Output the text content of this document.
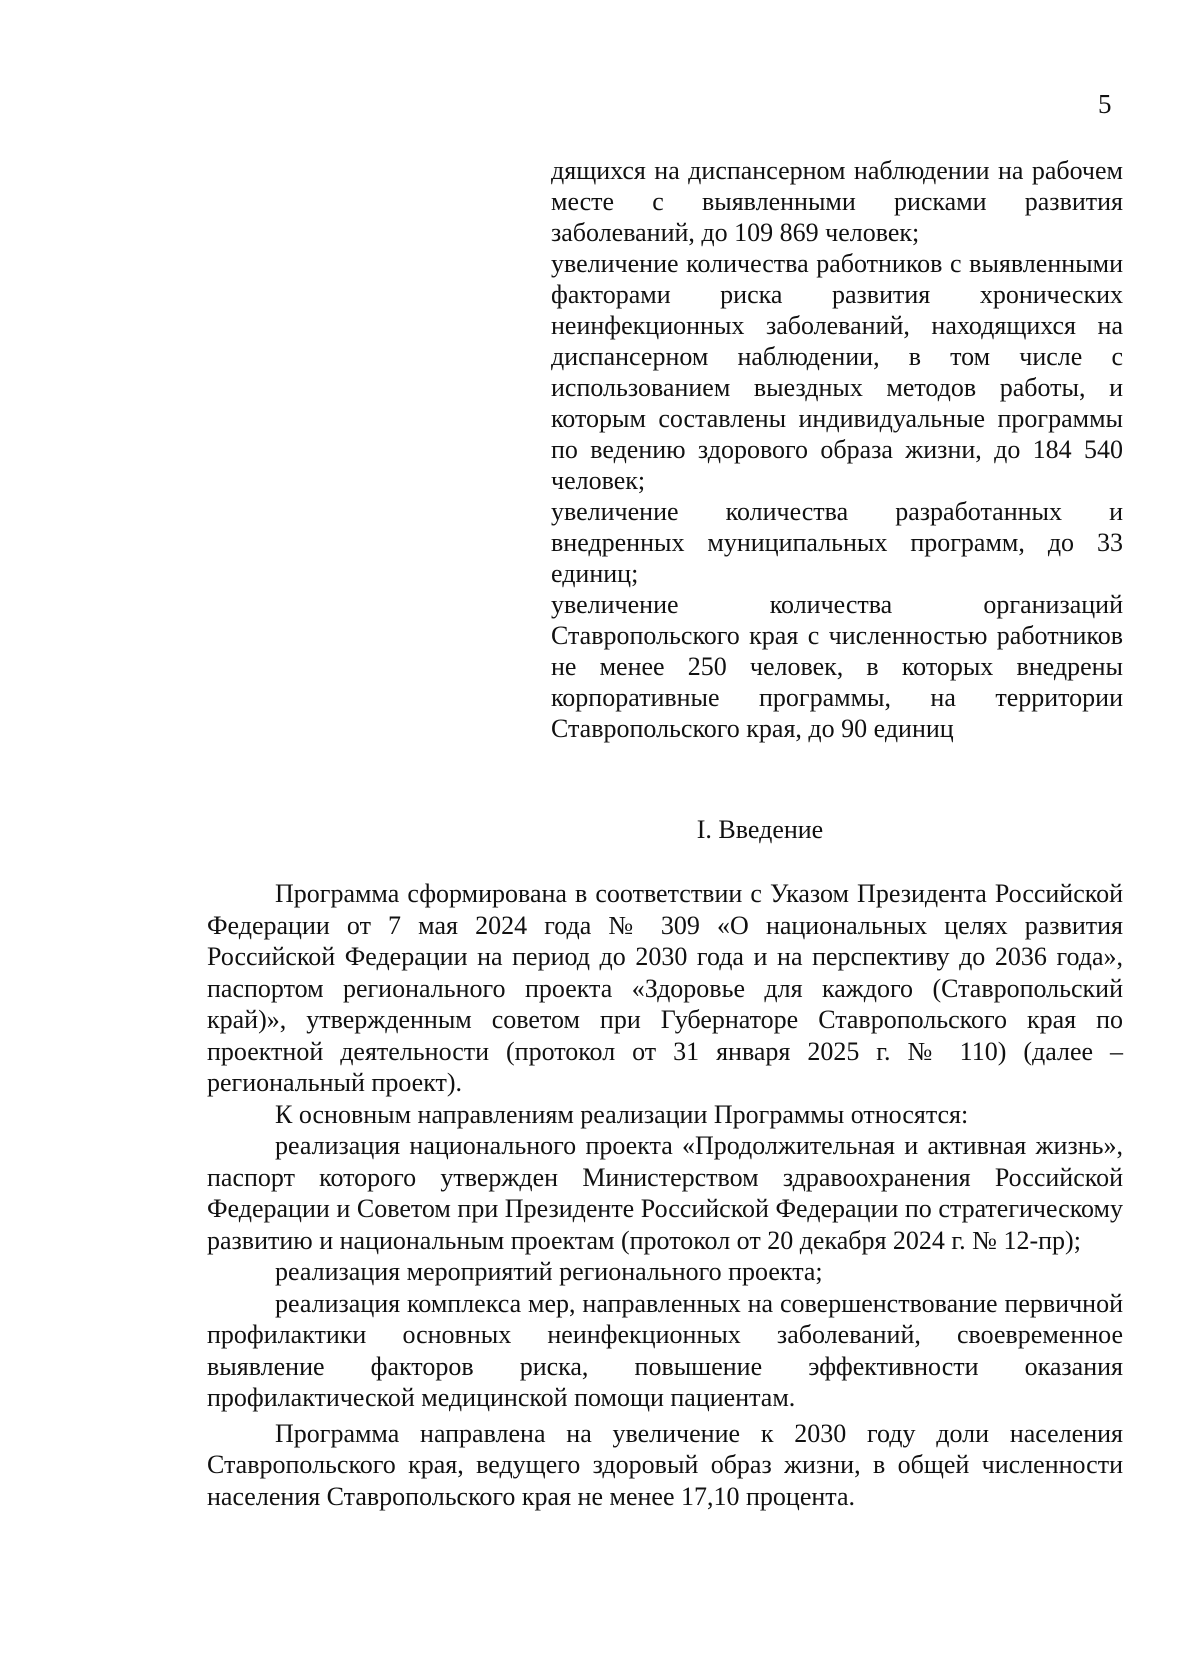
5

дящихся на диспансерном наблюдении на рабочем месте с выявленными рисками развития заболеваний, до 109 869 человек;

увеличение количества работников с выявленными факторами риска развития хронических неинфекционных заболеваний, находящихся на диспансерном наблюдении, в том числе с использованием выездных методов работы, и которым составлены индивидуальные программы по ведению здорового образа жизни, до 184 540 человек;

увеличение количества разработанных и внедренных муниципальных программ, до 33 единиц;

увеличение количества организаций Ставропольского края с численностью работников не менее 250 человек, в которых внедрены корпоративные программы, на территории Ставропольского края, до 90 единиц

I. Введение

Программа сформирована в соответствии с Указом Президента Российской Федерации от 7 мая 2024 года № 309 «О национальных целях развития Российской Федерации на период до 2030 года и на перспективу до 2036 года», паспортом регионального проекта «Здоровье для каждого (Ставропольский край)», утвержденным советом при Губернаторе Ставропольского края по проектной деятельности (протокол от 31 января 2025 г. № 110) (далее – региональный проект).

К основным направлениям реализации Программы относятся:

реализация национального проекта «Продолжительная и активная жизнь», паспорт которого утвержден Министерством здравоохранения Российской Федерации и Советом при Президенте Российской Федерации по стратегическому развитию и национальным проектам (протокол от 20 декабря 2024 г. № 12-пр);

реализация мероприятий регионального проекта;

реализация комплекса мер, направленных на совершенствование первичной профилактики основных неинфекционных заболеваний, своевременное выявление факторов риска, повышение эффективности оказания профилактической медицинской помощи пациентам.

Программа направлена на увеличение к 2030 году доли населения Ставропольского края, ведущего здоровый образ жизни, в общей численности населения Ставропольского края не менее 17,10 процента.
